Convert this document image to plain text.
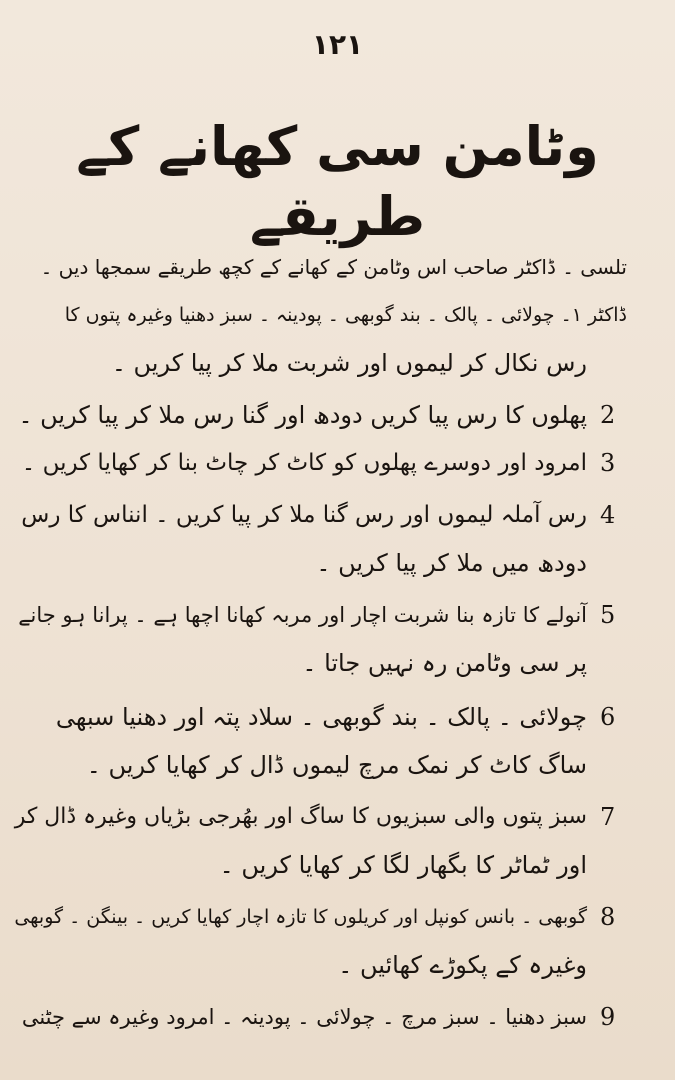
۱۲۱
وٹامن سی کھانے کے طریقے
تلسی ۔ ڈاکٹر صاحب اس وٹامن کے کھانے کے کچھ طریقے سمجھا دیں ۔
ڈاکٹر ۱۔ چولائی ۔ پالک ۔ بند گوبھی ۔ پودینہ ۔ سبز دھنیا وغیرہ پتوں کا
رس نکال کر لیموں اور شربت ملا کر پیا کریں ۔
2
پھلوں کا رس پیا کریں دودھ اور گنا رس ملا کر پیا کریں ۔
3
امرود اور دوسرے پھلوں کو کاٹ کر چاٹ بنا کر کھایا کریں ۔
4
رس آملہ لیموں اور رس گنا ملا کر پیا کریں ۔ انناس کا رس
دودھ میں ملا کر پیا کریں ۔
5
آنولے کا تازہ بنا شربت اچار اور مربہ کھانا اچھا ہے ۔ پرانا ہو جانے
پر سی وٹامن رہ نہیں جاتا ۔
6
چولائی ۔ پالک ۔ بند گوبھی ۔ سلاد پتہ اور دھنیا سبھی
ساگ کاٹ کر نمک مرچ لیموں ڈال کر کھایا کریں ۔
7
سبز پتوں والی سبزیوں کا ساگ اور بھُرجی بڑیاں وغیرہ ڈال کر
اور ٹماٹر کا بگھار لگا کر کھایا کریں ۔
8
گوبھی ۔ بانس کونپل اور کریلوں کا تازہ اچار کھایا کریں ۔ بینگن ۔ گوبھی
وغیرہ کے پکوڑے کھائیں ۔
9
سبز دھنیا ۔ سبز مرچ ۔ چولائی ۔ پودینہ ۔ امرود وغیرہ سے چٹنی
